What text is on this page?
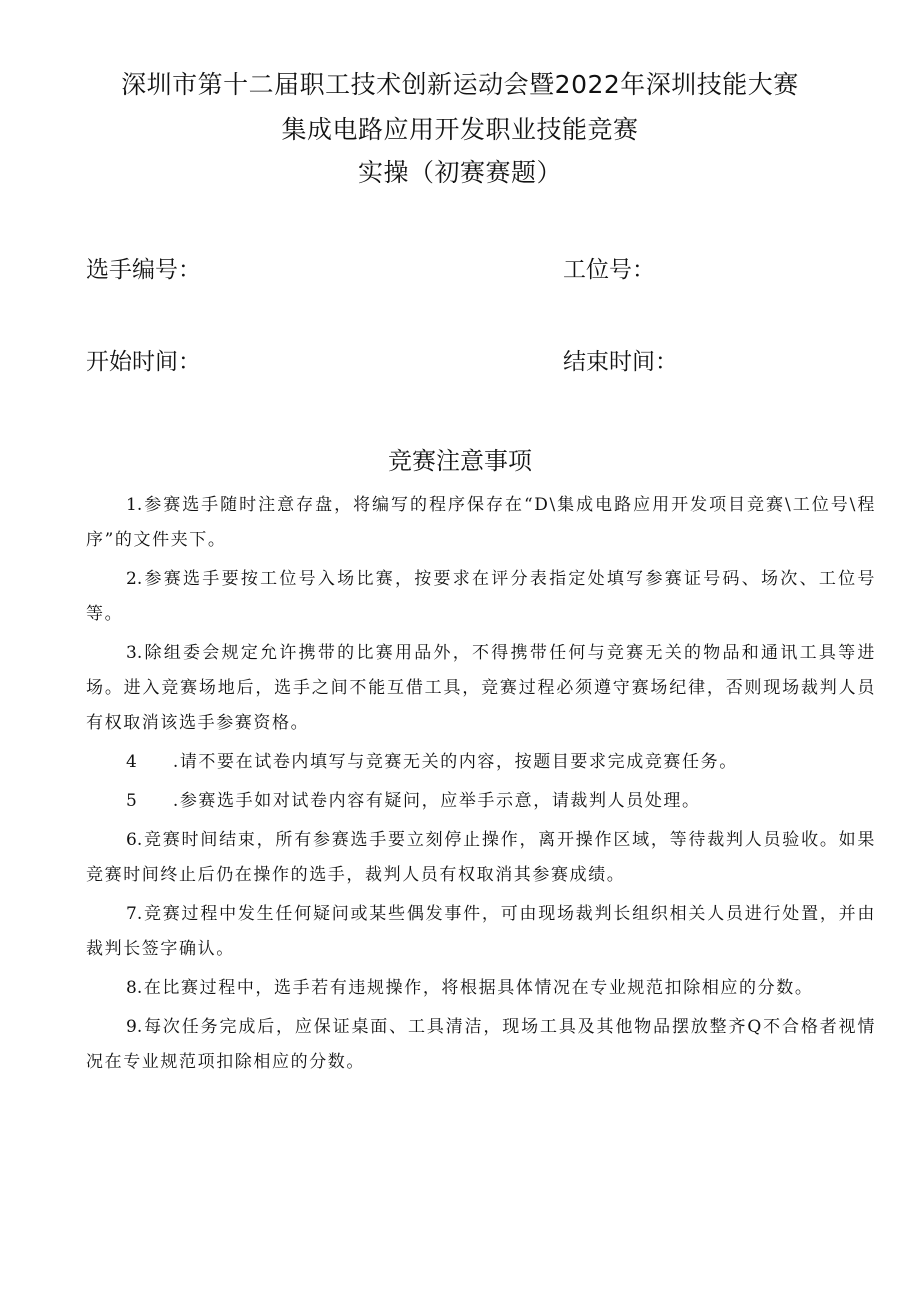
深圳市第十二届职工技术创新运动会暨2022年深圳技能大赛
集成电路应用开发职业技能竞赛
实操（初赛赛题）
选手编号：	工位号：
开始时间：	结束时间：
竞赛注意事项

1.参赛选手随时注意存盘，将编写的程序保存在“D\集成电路应用开发项目竞赛\工位号\程序”的文件夹下。

2.参赛选手要按工位号入场比赛，按要求在评分表指定处填写参赛证号码、场次、工位号等。

3.除组委会规定允许携带的比赛用品外，不得携带任何与竞赛无关的物品和通讯工具等进场。进入竞赛场地后，选手之间不能互借工具，竞赛过程必须遵守赛场纪律，否则现场裁判人员有权取消该选手参赛资格。

4 .请不要在试卷内填写与竞赛无关的内容，按题目要求完成竞赛任务。

5 .参赛选手如对试卷内容有疑问，应举手示意，请裁判人员处理。

6.竞赛时间结束，所有参赛选手要立刻停止操作，离开操作区域，等待裁判人员验收。如果竞赛时间终止后仍在操作的选手，裁判人员有权取消其参赛成绩。

7.竞赛过程中发生任何疑问或某些偶发事件，可由现场裁判长组织相关人员进行处置，并由裁判长签字确认。

8.在比赛过程中，选手若有违规操作，将根据具体情况在专业规范扣除相应的分数。

9.每次任务完成后，应保证桌面、工具清洁，现场工具及其他物品摆放整齐Q不合格者视情况在专业规范项扣除相应的分数。
